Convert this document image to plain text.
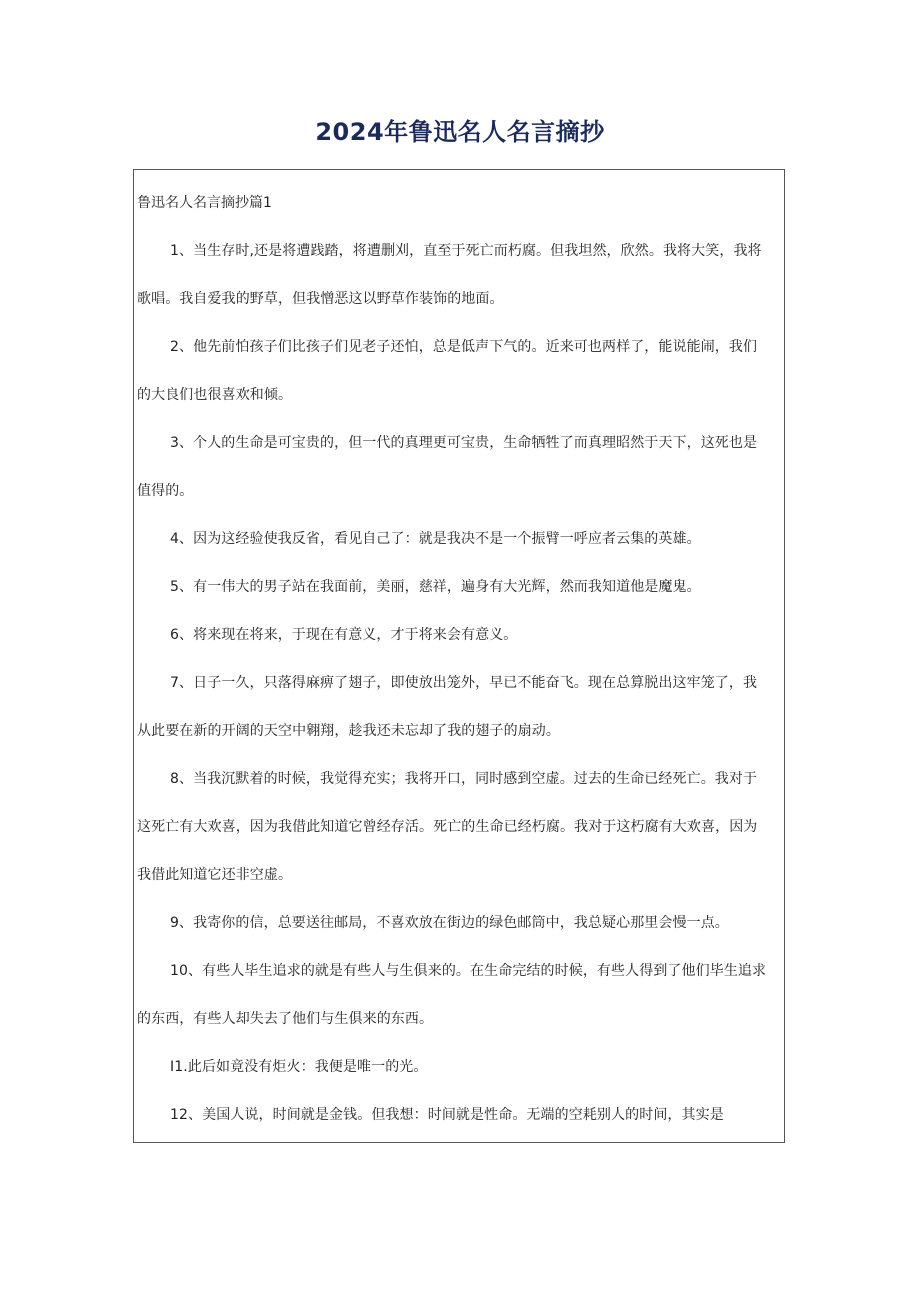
2024年鲁迅名人名言摘抄
鲁迅名人名言摘抄篇1
1、当生存时,还是将遭践踏，将遭删刈，直至于死亡而朽腐。但我坦然，欣然。我将大笑，我将
歌唱。我自爱我的野草，但我憎恶这以野草作装饰的地面。
2、他先前怕孩子们比孩子们见老子还怕，总是低声下气的。近来可也两样了，能说能闹，我们
的大良们也很喜欢和倾。
3、个人的生命是可宝贵的，但一代的真理更可宝贵，生命牺牲了而真理昭然于天下，这死也是
值得的。
4、因为这经验使我反省，看见自己了：就是我决不是一个振臂一呼应者云集的英雄。
5、有一伟大的男子站在我面前，美丽，慈祥，遍身有大光辉，然而我知道他是魔鬼。
6、将来现在将来，于现在有意义，才于将来会有意义。
7、日子一久，只落得麻痹了翅子，即使放出笼外，早已不能奋飞。现在总算脱出这牢笼了，我
从此要在新的开阔的天空中翱翔，趁我还未忘却了我的翅子的扇动。
8、当我沉默着的时候，我觉得充实；我将开口，同时感到空虚。过去的生命已经死亡。我对于
这死亡有大欢喜，因为我借此知道它曾经存活。死亡的生命已经朽腐。我对于这朽腐有大欢喜，因为
我借此知道它还非空虚。
9、我寄你的信，总要送往邮局，不喜欢放在街边的绿色邮筒中，我总疑心那里会慢一点。
10、有些人毕生追求的就是有些人与生俱来的。在生命完结的时候，有些人得到了他们毕生追求
的东西，有些人却失去了他们与生俱来的东西。
I1.此后如竟没有炬火：我便是唯一的光。
12、美国人说，时间就是金钱。但我想：时间就是性命。无端的空耗别人的时间，其实是
